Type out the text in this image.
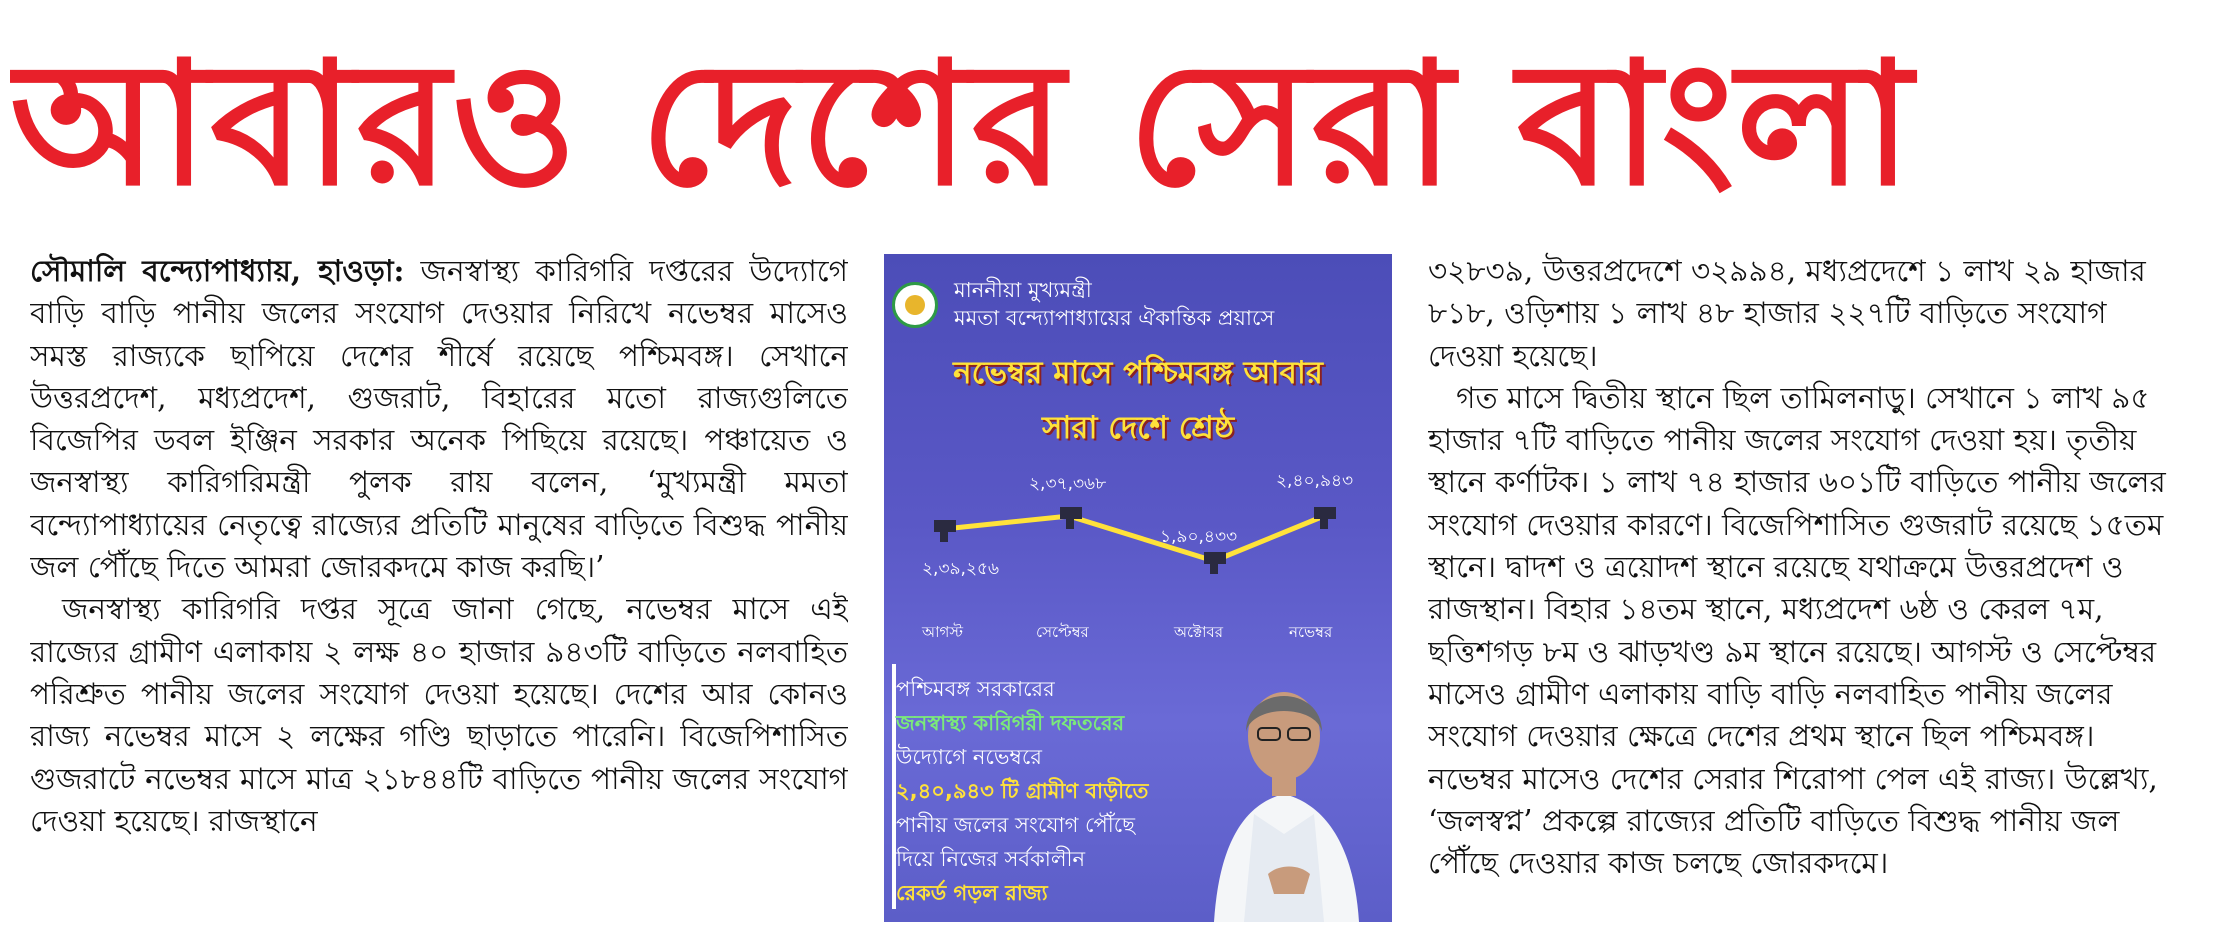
আবারও দেশের সেরা বাংলা

সৌমালি বন্দ্যোপাধ্যায়, হাওড়া: জনস্বাস্থ্য কারিগরি দপ্তরের উদ্যোগে বাড়ি বাড়ি পানীয় জলের সংযোগ দেওয়ার নিরিখে নভেম্বর মাসেও সমস্ত রাজ্যকে ছাপিয়ে দেশের শীর্ষে রয়েছে পশ্চিমবঙ্গ। সেখানে উত্তরপ্রদেশ, মধ্যপ্রদেশ, গুজরাট, বিহারের মতো রাজ্যগুলিতে বিজেপির ডবল ইঞ্জিন সরকার অনেক পিছিয়ে রয়েছে। পঞ্চায়েত ও জনস্বাস্থ্য কারিগরিমন্ত্রী পুলক রায় বলেন, ‘মুখ্যমন্ত্রী মমতা বন্দ্যোপাধ্যায়ের নেতৃত্বে রাজ্যের প্রতিটি মানুষের বাড়িতে বিশুদ্ধ পানীয় জল পৌঁছে দিতে আমরা জোরকদমে কাজ করছি।’

জনস্বাস্থ্য কারিগরি দপ্তর সূত্রে জানা গেছে, নভেম্বর মাসে এই রাজ্যের গ্রামীণ এলাকায় ২ লক্ষ ৪০ হাজার ৯৪৩টি বাড়িতে নলবাহিত পরিশ্রুত পানীয় জলের সংযোগ দেওয়া হয়েছে। দেশের আর কোনও রাজ্য নভেম্বর মাসে ২ লক্ষের গণ্ডি ছাড়াতে পারেনি। বিজেপিশাসিত গুজরাটে নভেম্বর মাসে মাত্র ২১৮৪৪টি বাড়িতে পানীয় জলের সংযোগ দেওয়া হয়েছে। রাজস্থানে

মাননীয়া মুখ্যমন্ত্রী
মমতা বন্দ্যোপাধ্যায়ের ঐকান্তিক প্রয়াসে
নভেম্বর মাসে পশ্চিমবঙ্গ আবার
সারা দেশে শ্রেষ্ঠ
২,৩৯,২৫৬
২,৩৭,৩৬৮
১,৯০,৪৩৩
২,৪০,৯৪৩
আগস্ট	সেপ্টেম্বর	অক্টোবর	নভেম্বর
পশ্চিমবঙ্গ সরকারের
জনস্বাস্থ্য কারিগরী দফতরের
উদ্যোগে নভেম্বরে
২,৪০,৯৪৩ টি গ্রামীণ বাড়ীতে
পানীয় জলের সংযোগ পৌঁছে
দিয়ে নিজের সর্বকালীন
রেকর্ড গড়ল রাজ্য
৩২৮৩৯, উত্তরপ্রদেশে ৩২৯৯৪, মধ্যপ্রদেশে ১ লাখ ২৯ হাজার
৮১৮, ওড়িশায় ১ লাখ ৪৮ হাজার ২২৭টি বাড়িতে সংযোগ
দেওয়া হয়েছে।
গত মাসে দ্বিতীয় স্থানে ছিল তামিলনাড়ু। সেখানে ১ লাখ ৯৫
হাজার ৭টি বাড়িতে পানীয় জলের সংযোগ দেওয়া হয়। তৃতীয়
স্থানে কর্ণাটক। ১ লাখ ৭৪ হাজার ৬০১টি বাড়িতে পানীয় জলের
সংযোগ দেওয়ার কারণে। বিজেপিশাসিত গুজরাট রয়েছে ১৫তম
স্থানে। দ্বাদশ ও ত্রয়োদশ স্থানে রয়েছে যথাক্রমে উত্তরপ্রদেশ ও
রাজস্থান। বিহার ১৪তম স্থানে, মধ্যপ্রদেশ ৬ষ্ঠ ও কেরল ৭ম,
ছত্তিশগড় ৮ম ও ঝাড়খণ্ড ৯ম স্থানে রয়েছে। আগস্ট ও সেপ্টেম্বর
মাসেও গ্রামীণ এলাকায় বাড়ি বাড়ি নলবাহিত পানীয় জলের
সংযোগ দেওয়ার ক্ষেত্রে দেশের প্রথম স্থানে ছিল পশ্চিমবঙ্গ।
নভেম্বর মাসেও দেশের সেরার শিরোপা পেল এই রাজ্য। উল্লেখ্য,
‘জলস্বপ্ন’ প্রকল্পে রাজ্যের প্রতিটি বাড়িতে বিশুদ্ধ পানীয় জল
পৌঁছে দেওয়ার কাজ চলছে জোরকদমে।
